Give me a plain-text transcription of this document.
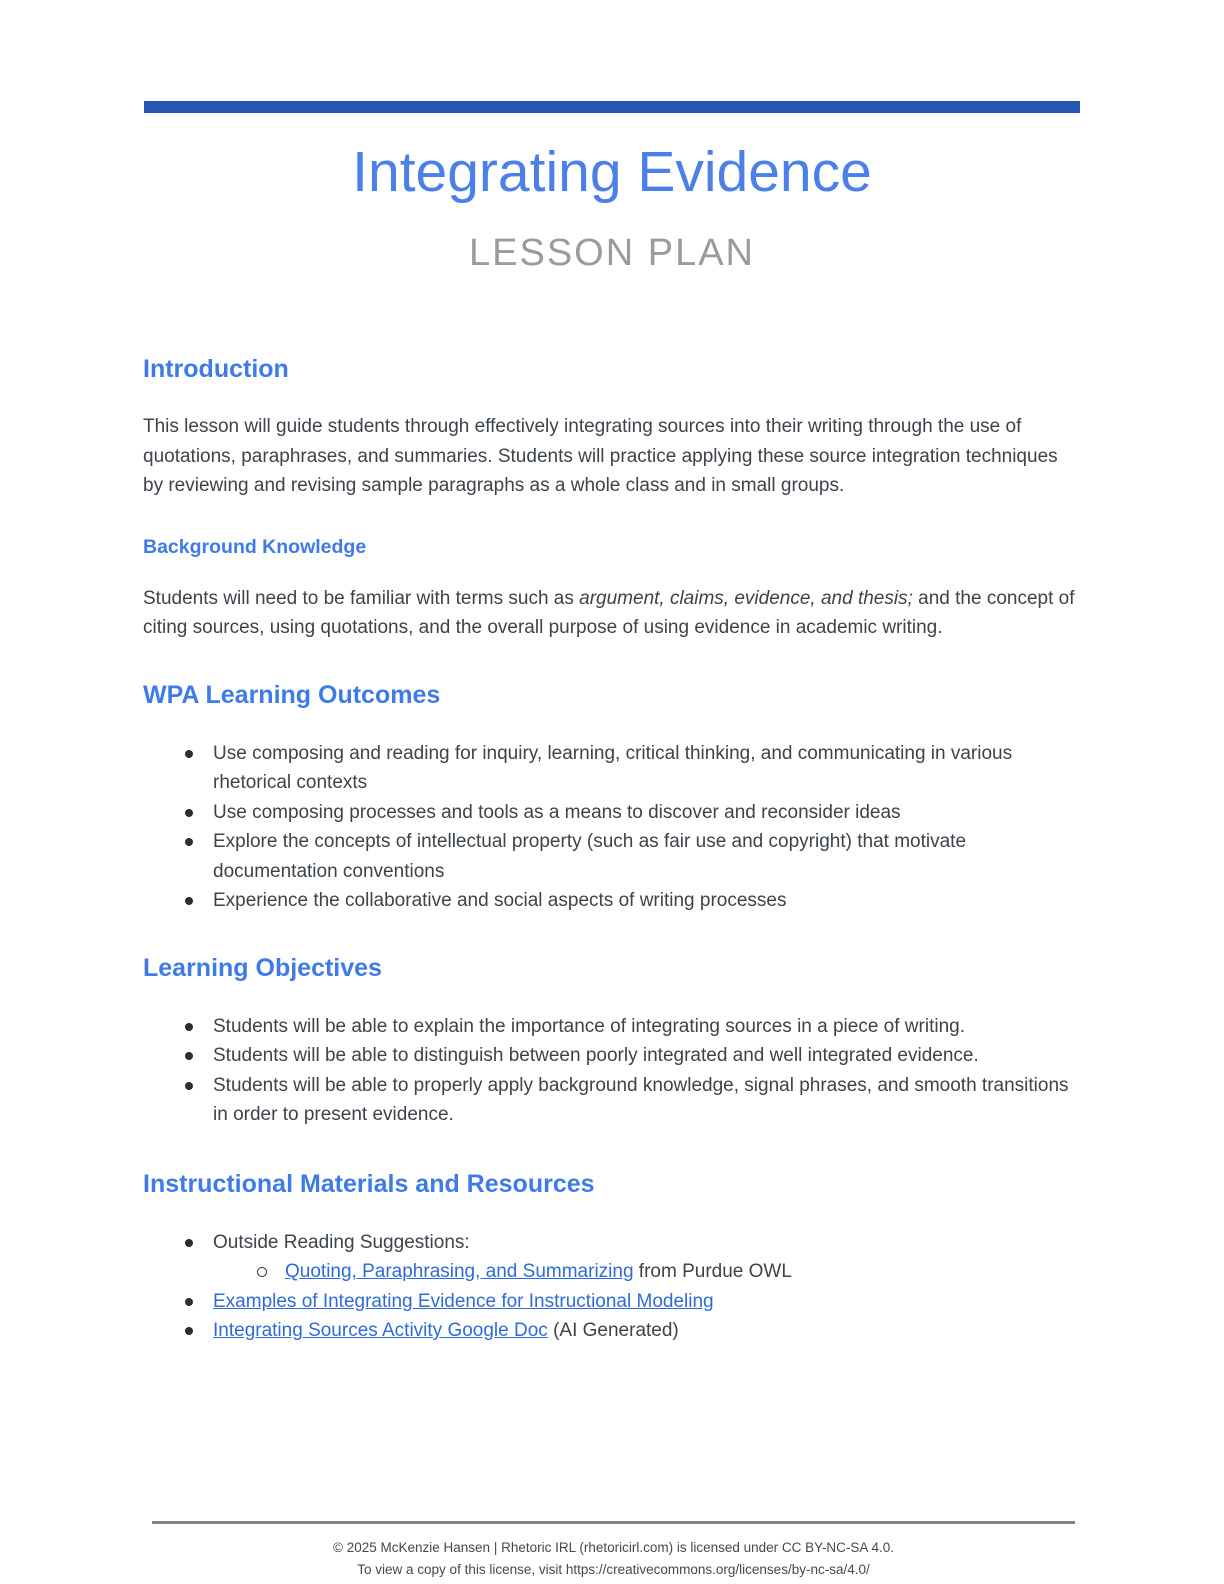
Integrating Evidence
LESSON PLAN
Introduction

This lesson will guide students through effectively integrating sources into their writing through the use of quotations, paraphrases, and summaries. Students will practice applying these source integration techniques by reviewing and revising sample paragraphs as a whole class and in small groups.

Background Knowledge

Students will need to be familiar with terms such as argument, claims, evidence, and thesis; and the concept of citing sources, using quotations, and the overall purpose of using evidence in academic writing.

WPA Learning Outcomes
Use composing and reading for inquiry, learning, critical thinking, and communicating in various rhetorical contexts
Use composing processes and tools as a means to discover and reconsider ideas
Explore the concepts of intellectual property (such as fair use and copyright) that motivate documentation conventions
Experience the collaborative and social aspects of writing processes
Learning Objectives
Students will be able to explain the importance of integrating sources in a piece of writing.
Students will be able to distinguish between poorly integrated and well integrated evidence.
Students will be able to properly apply background knowledge, signal phrases, and smooth transitions in order to present evidence.
Instructional Materials and Resources
Outside Reading Suggestions:
Quoting, Paraphrasing, and Summarizing from Purdue OWL
Examples of Integrating Evidence for Instructional Modeling
Integrating Sources Activity Google Doc (AI Generated)
© 2025 McKenzie Hansen | Rhetoric IRL (rhetoricirl.com) is licensed under CC BY-NC-SA 4.0.
To view a copy of this license, visit https://creativecommons.org/licenses/by-nc-sa/4.0/
